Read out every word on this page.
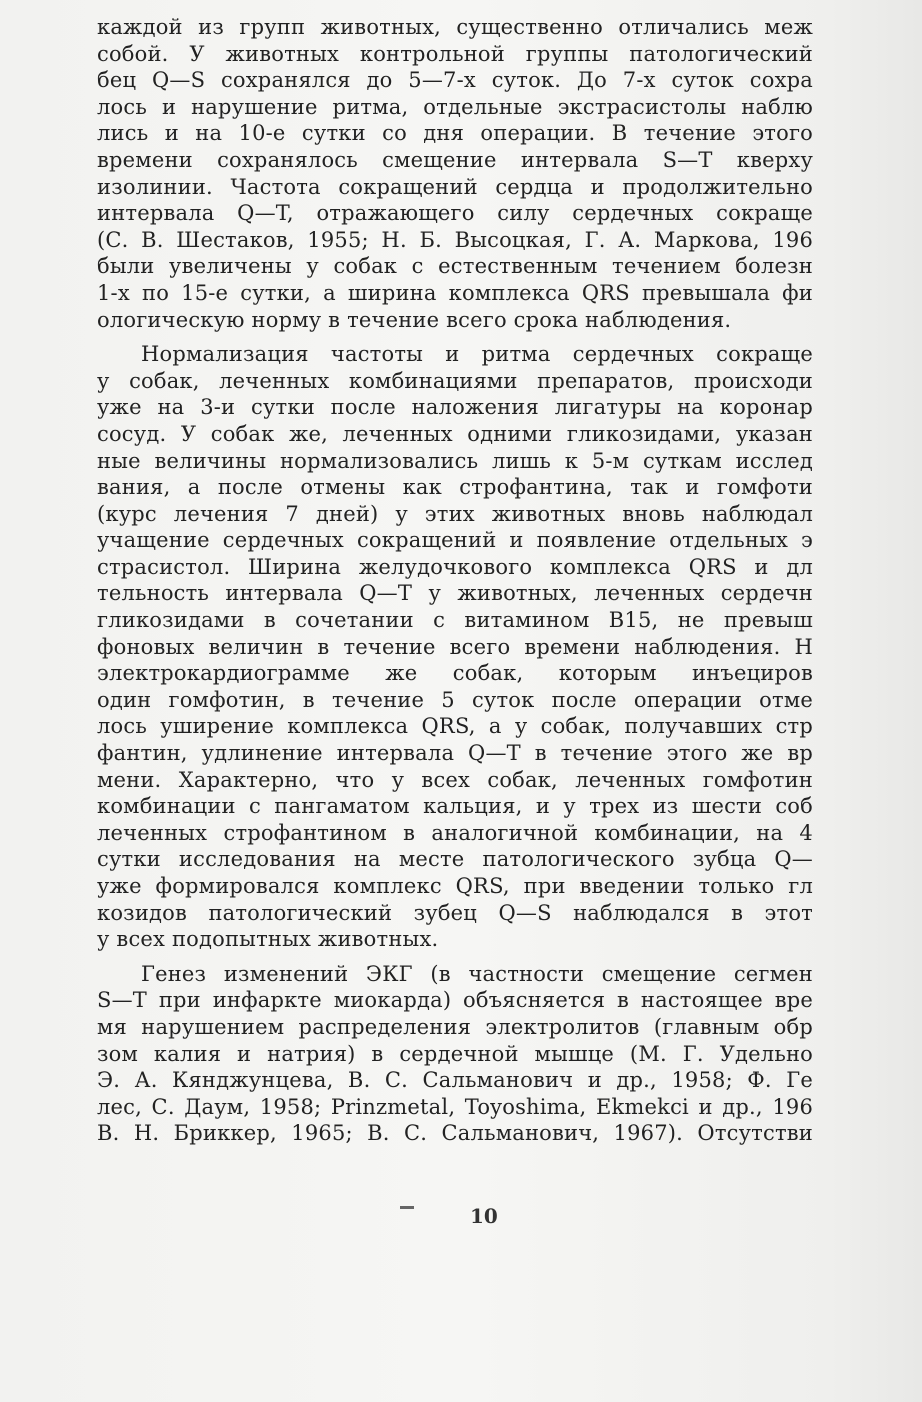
каждой из групп животных, существенно отличались меж
собой. У животных контрольной группы патологический
бец Q—S сохранялся до 5—7-х суток. До 7-х суток сохра
лось и нарушение ритма, отдельные экстрасистолы наблю
лись и на 10-е сутки со дня операции. В течение этого
времени сохранялось смещение интервала S—T кверху
изолинии. Частота сокращений сердца и продолжительно
интервала Q—T, отражающего силу сердечных сокраще
(С. В. Шестаков, 1955; Н. Б. Высоцкая, Г. А. Маркова, 196
были увеличены у собак с естественным течением болезн
1-х по 15-е сутки, а ширина комплекса QRS превышала фи
ологическую норму в течение всего срока наблюдения.
Нормализация частоты и ритма сердечных сокраще
у собак, леченных комбинациями препаратов, происходи
уже на 3-и сутки после наложения лигатуры на коронар
сосуд. У собак же, леченных одними гликозидами, указан
ные величины нормализовались лишь к 5-м суткам исслед
вания, а после отмены как строфантина, так и гомфоти
(курс лечения 7 дней) у этих животных вновь наблюдал
учащение сердечных сокращений и появление отдельных э
страсистол. Ширина желудочкового комплекса QRS и дл
тельность интервала Q—T у животных, леченных сердечн
гликозидами в сочетании с витамином B15, не превыш
фоновых величин в течение всего времени наблюдения. Н
электрокардиограмме же собак, которым инъециров
один гомфотин, в течение 5 суток после операции отме
лось уширение комплекса QRS, а у собак, получавших стр
фантин, удлинение интервала Q—T в течение этого же вр
мени. Характерно, что у всех собак, леченных гомфотин
комбинации с пангаматом кальция, и у трех из шести соб
леченных строфантином в аналогичной комбинации, на 4
сутки исследования на месте патологического зубца Q—
уже формировался комплекс QRS, при введении только гл
козидов патологический зубец Q—S наблюдался в этот
у всех подопытных животных.
Генез изменений ЭКГ (в частности смещение сегмен
S—T при инфаркте миокарда) объясняется в настоящее вре
мя нарушением распределения электролитов (главным обр
зом калия и натрия) в сердечной мышце (М. Г. Удельно
Э. А. Кянджунцева, В. С. Сальманович и др., 1958; Ф. Ге
лес, С. Даум, 1958; Prinzmetal, Toyoshima, Ekmekci и др., 196
В. Н. Бриккер, 1965; В. С. Сальманович, 1967). Отсутстви
10
